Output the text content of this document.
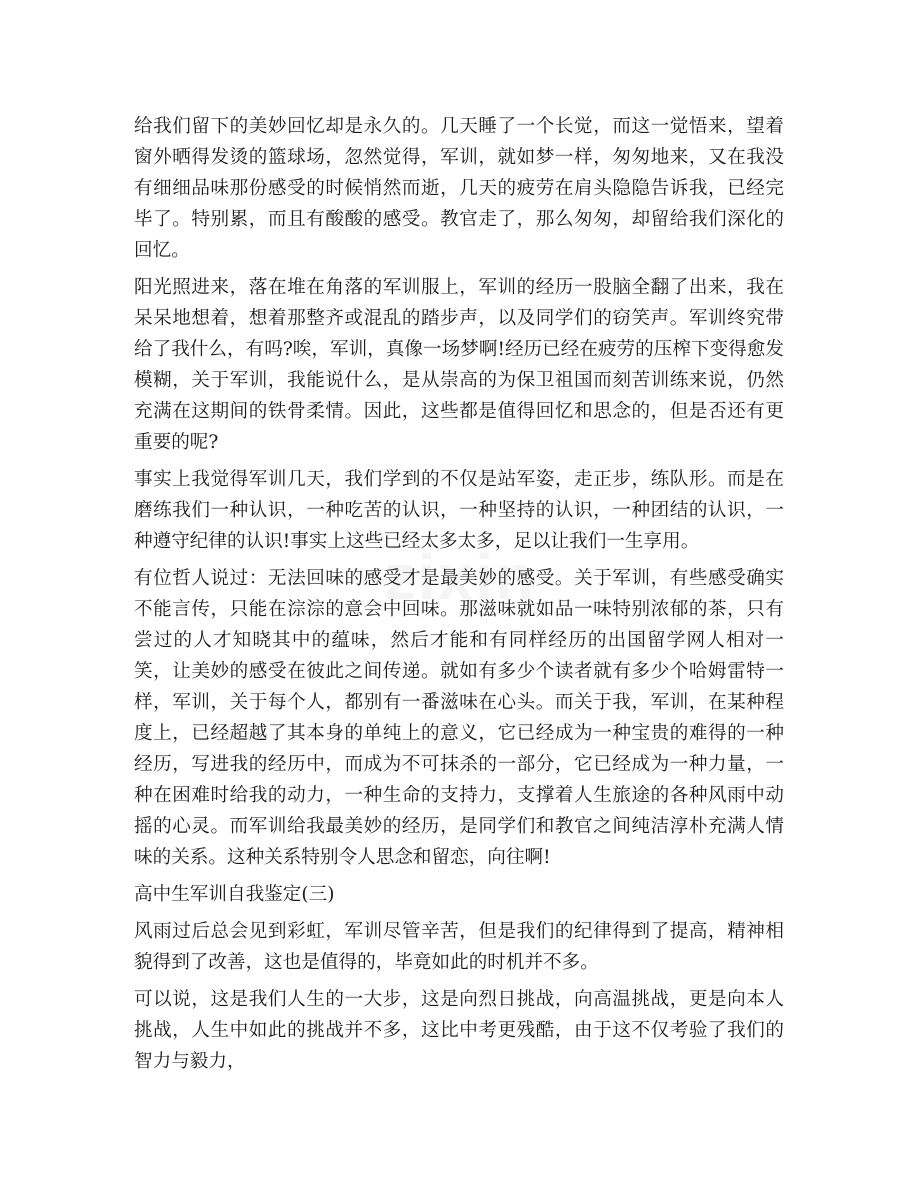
zixin

给我们留下的美妙回忆却是永久的。几天睡了一个长觉，而这一觉悟来，望着窗外晒得发烫的篮球场，忽然觉得，军训，就如梦一样，匆匆地来，又在我没有细细品味那份感受的时候悄然而逝，几天的疲劳在肩头隐隐告诉我，已经完毕了。特别累，而且有酸酸的感受。教官走了，那么匆匆，却留给我们深化的回忆。

阳光照进来，落在堆在角落的军训服上，军训的经历一股脑全翻了出来，我在呆呆地想着，想着那整齐或混乱的踏步声，以及同学们的窃笑声。军训终究带给了我什么，有吗?唉，军训，真像一场梦啊!经历已经在疲劳的压榨下变得愈发模糊，关于军训，我能说什么，是从崇高的为保卫祖国而刻苦训练来说，仍然充满在这期间的铁骨柔情。因此，这些都是值得回忆和思念的，但是否还有更重要的呢?

事实上我觉得军训几天，我们学到的不仅是站军姿，走正步，练队形。而是在磨练我们一种认识，一种吃苦的认识，一种坚持的认识，一种团结的认识，一种遵守纪律的认识!事实上这些已经太多太多，足以让我们一生享用。

有位哲人说过：无法回味的感受才是最美妙的感受。关于军训，有些感受确实不能言传，只能在淙淙的意会中回味。那滋味就如品一味特别浓郁的茶，只有尝过的人才知晓其中的蕴味，然后才能和有同样经历的出国留学网人相对一笑，让美妙的感受在彼此之间传递。就如有多少个读者就有多少个哈姆雷特一样，军训，关于每个人，都别有一番滋味在心头。而关于我，军训，在某种程度上，已经超越了其本身的单纯上的意义，它已经成为一种宝贵的难得的一种经历，写进我的经历中，而成为不可抹杀的一部分，它已经成为一种力量，一种在困难时给我的动力，一种生命的支持力，支撑着人生旅途的各种风雨中动摇的心灵。而军训给我最美妙的经历，是同学们和教官之间纯洁淳朴充满人情味的关系。这种关系特别令人思念和留恋，向往啊!

高中生军训自我鉴定(三)

风雨过后总会见到彩虹，军训尽管辛苦，但是我们的纪律得到了提高，精神相貌得到了改善，这也是值得的，毕竟如此的时机并不多。

可以说，这是我们人生的一大步，这是向烈日挑战，向高温挑战，更是向本人挑战，人生中如此的挑战并不多，这比中考更残酷，由于这不仅考验了我们的智力与毅力，
